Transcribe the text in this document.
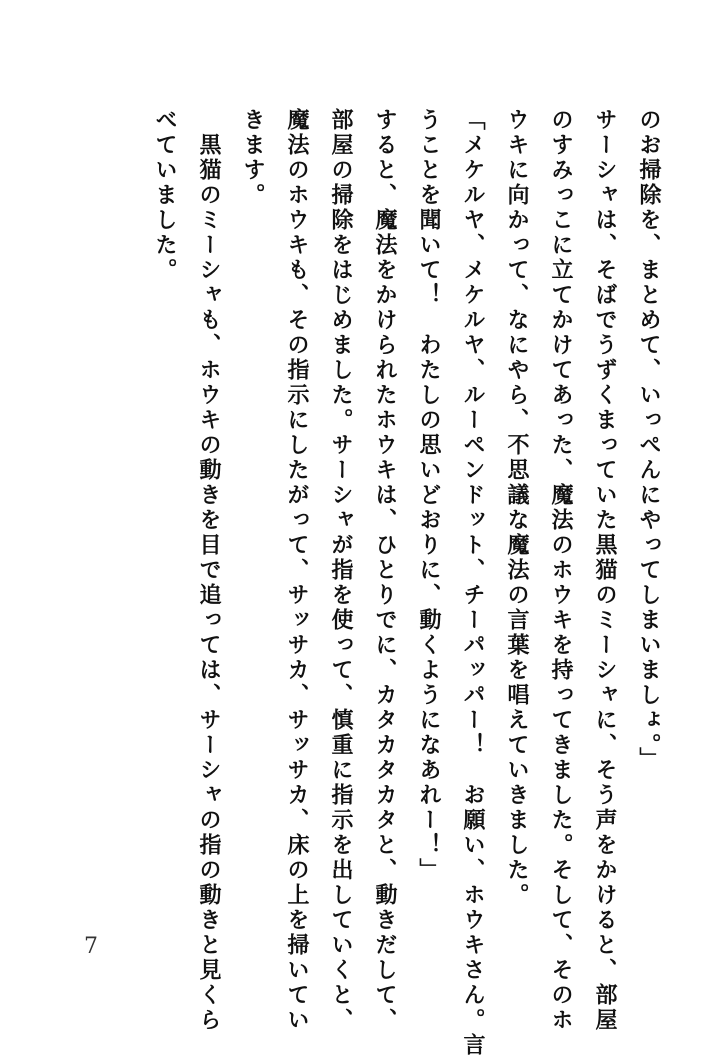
のお掃除を、まとめて、いっぺんにやってしまいましょ。」
サーシャは、そばでうずくまっていた黒猫のミーシャに、そう声をかけると、部屋
のすみっこに立てかけてあった、魔法のホウキを持ってきました。そして、そのホ
ウキに向かって、なにやら、不思議な魔法の言葉を唱えていきました。
「メケルヤ、メケルヤ、ルーペンドット、チーパッパー！　お願い、ホウキさん。言
うことを聞いて！　わたしの思いどおりに、動くようになあれー！」
すると、魔法をかけられたホウキは、ひとりでに、カタカタカタと、動きだして、
部屋の掃除をはじめました。サーシャが指を使って、慎重に指示を出していくと、
魔法のホウキも、その指示にしたがって、サッサカ、サッサカ、床の上を掃いてい
きます。
　黒猫のミーシャも、ホウキの動きを目で追っては、サーシャの指の動きと見くら
べていました。
7
